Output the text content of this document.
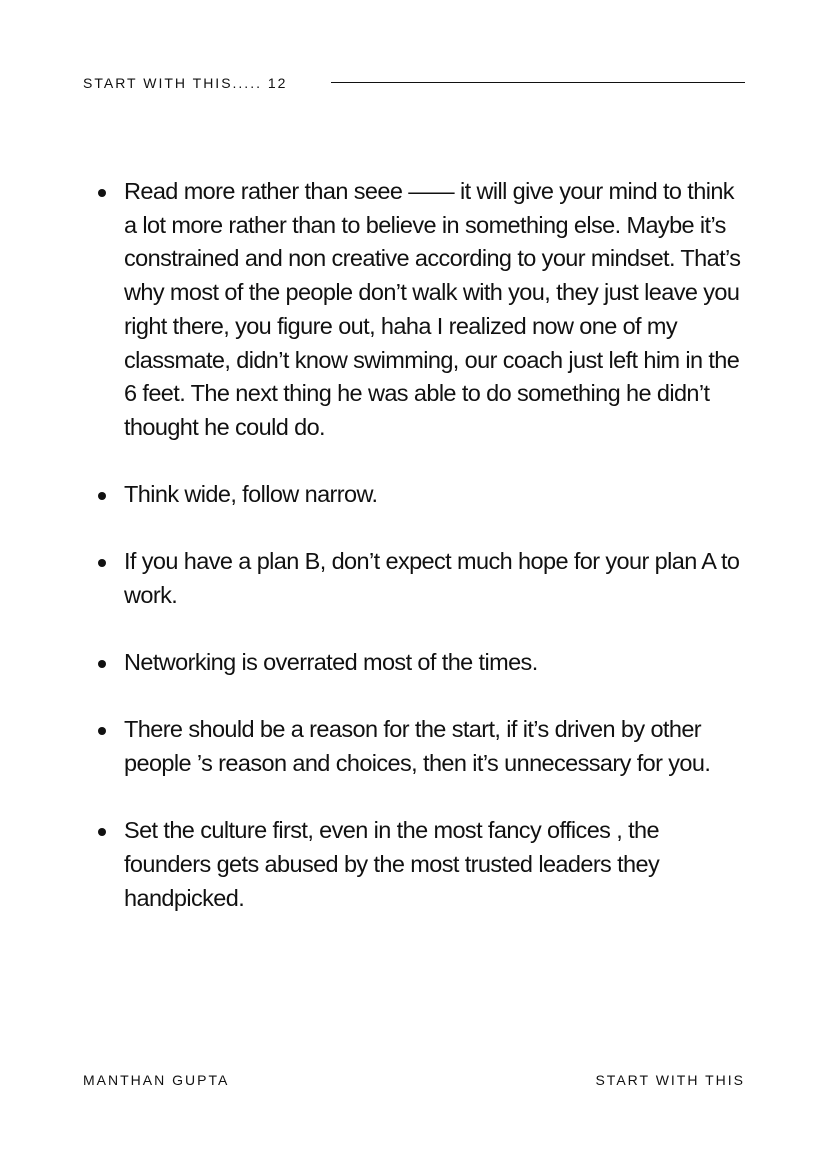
START WITH THIS..... 12
Read more rather than seee —— it will give your mind to think a lot more rather than to believe in something else. Maybe it’s constrained and non creative according to your mindset. That’s why most of the people don’t walk with you, they just leave you right there, you figure out, haha I realized now one of my classmate, didn’t know swimming, our coach just left him in the 6 feet. The next thing he was able to do something he didn’t thought he could do.
Think wide, follow narrow.
If you have a plan B, don’t expect much hope for your plan A to work.
Networking is overrated most of the times.
There should be a reason for the start, if it’s driven by other people ’s reason and choices, then it’s unnecessary for you.
Set the culture first, even in the most fancy offices , the founders gets abused by the most trusted leaders they handpicked.
MANTHAN GUPTA	START WITH THIS
